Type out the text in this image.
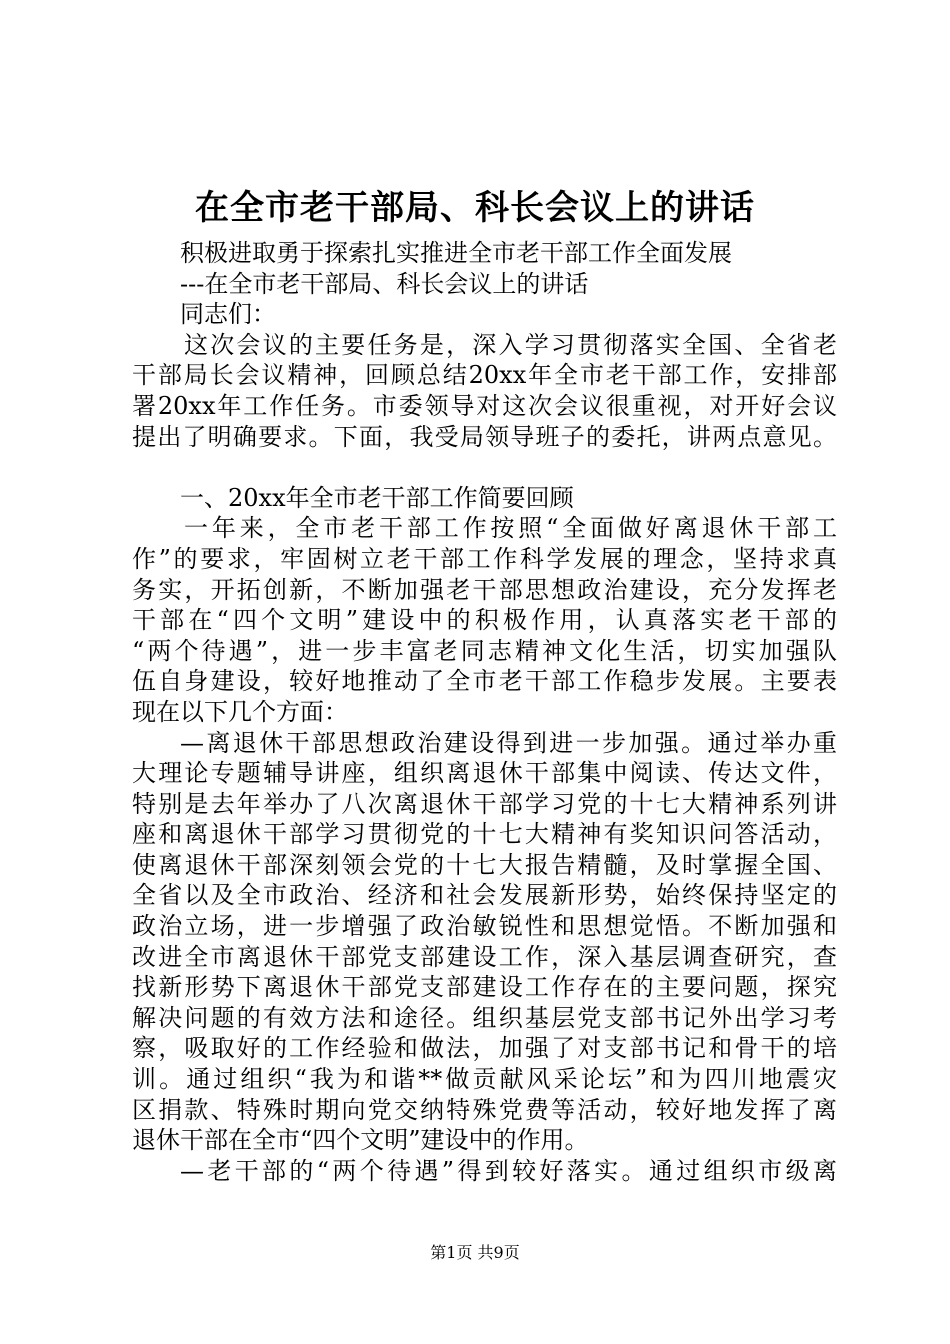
在全市老干部局、科长会议上的讲话
积极进取勇于探索扎实推进全市老干部工作全面发展
---在全市老干部局、科长会议上的讲话
同志们：
这次会议的主要任务是，深入学习贯彻落实全国、全省老
干部局长会议精神，回顾总结20xx年全市老干部工作，安排部
署20xx年工作任务。市委领导对这次会议很重视，对开好会议
提出了明确要求。下面，我受局领导班子的委托，讲两点意见。
一、20xx年全市老干部工作简要回顾
一年来，全市老干部工作按照“全面做好离退休干部工
作”的要求，牢固树立老干部工作科学发展的理念，坚持求真
务实，开拓创新，不断加强老干部思想政治建设，充分发挥老
干部在“四个文明”建设中的积极作用，认真落实老干部的
“两个待遇”，进一步丰富老同志精神文化生活，切实加强队
伍自身建设，较好地推动了全市老干部工作稳步发展。主要表
现在以下几个方面：
—离退休干部思想政治建设得到进一步加强。通过举办重
大理论专题辅导讲座，组织离退休干部集中阅读、传达文件，
特别是去年举办了八次离退休干部学习党的十七大精神系列讲
座和离退休干部学习贯彻党的十七大精神有奖知识问答活动，
使离退休干部深刻领会党的十七大报告精髓，及时掌握全国、
全省以及全市政治、经济和社会发展新形势，始终保持坚定的
政治立场，进一步增强了政治敏锐性和思想觉悟。不断加强和
改进全市离退休干部党支部建设工作，深入基层调查研究，查
找新形势下离退休干部党支部建设工作存在的主要问题，探究
解决问题的有效方法和途径。组织基层党支部书记外出学习考
察，吸取好的工作经验和做法，加强了对支部书记和骨干的培
训。通过组织“我为和谐**做贡献风采论坛”和为四川地震灾
区捐款、特殊时期向党交纳特殊党费等活动，较好地发挥了离
退休干部在全市“四个文明”建设中的作用。
—老干部的“两个待遇”得到较好落实。通过组织市级离
第1页 共9页
